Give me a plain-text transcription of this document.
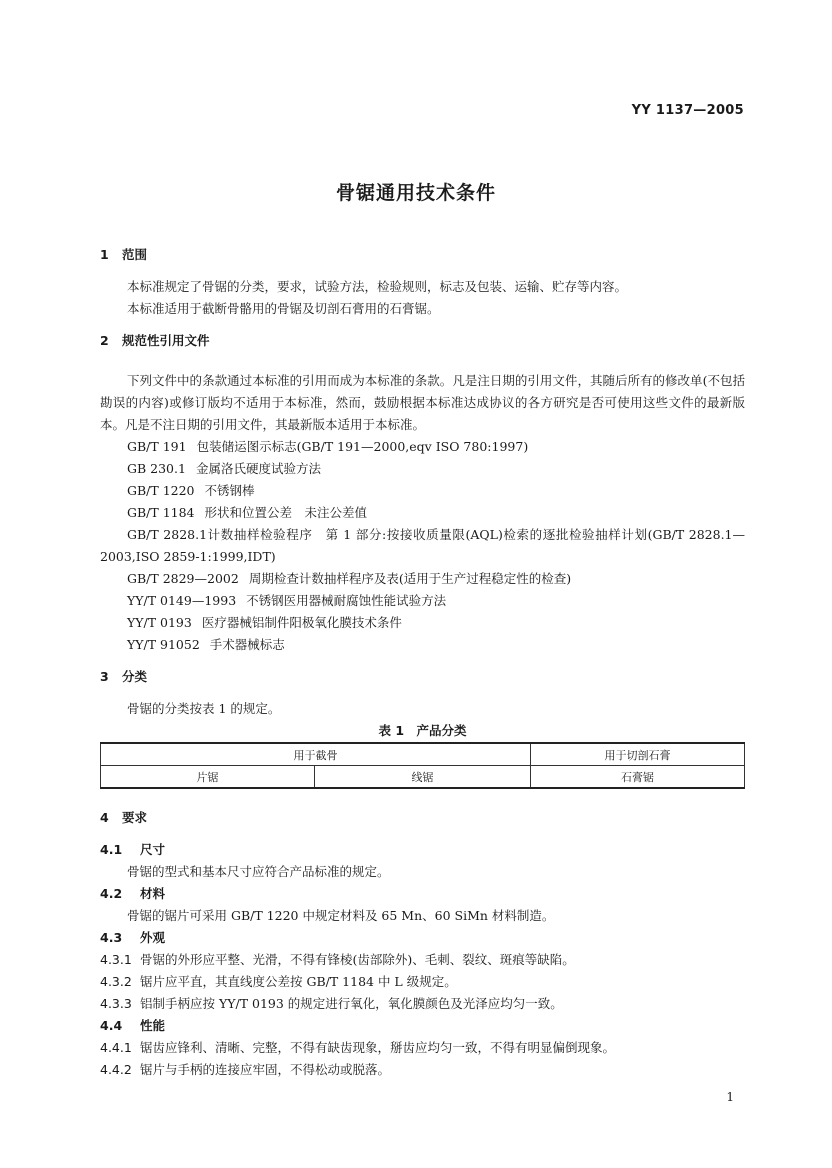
YY 1137—2005
骨锯通用技术条件
1 范围
本标准规定了骨锯的分类，要求，试验方法，检验规则，标志及包装、运输、贮存等内容。
本标准适用于截断骨骼用的骨锯及切剖石膏用的石膏锯。
2 规范性引用文件
下列文件中的条款通过本标准的引用而成为本标准的条款。凡是注日期的引用文件，其随后所有的修改单(不包括勘误的内容)或修订版均不适用于本标准，然而，鼓励根据本标准达成协议的各方研究是否可使用这些文件的最新版本。凡是不注日期的引用文件，其最新版本适用于本标准。
GB/T 191 包装储运图示标志(GB/T 191—2000,eqv ISO 780:1997)
GB 230.1 金属洛氏硬度试验方法
GB/T 1220 不锈钢棒
GB/T 1184 形状和位置公差　未注公差值
GB/T 2828.1计数抽样检验程序　第 1 部分:按接收质量限(AQL)检索的逐批检验抽样计划(GB/T 2828.1—2003,ISO 2859-1:1999,IDT)
GB/T 2829—2002 周期检查计数抽样程序及表(适用于生产过程稳定性的检查)
YY/T 0149—1993 不锈钢医用器械耐腐蚀性能试验方法
YY/T 0193 医疗器械铝制件阳极氧化膜技术条件
YY/T 91052 手术器械标志
3 分类
骨锯的分类按表 1 的规定。
表 1　产品分类
用于截骨		用于切剖石膏
片锯	线锯	石膏锯
4 要求
4.1 尺寸
骨锯的型式和基本尺寸应符合产品标准的规定。
4.2 材料
骨锯的锯片可采用 GB/T 1220 中规定材料及 65 Mn、60 SiMn 材料制造。
4.3 外观
4.3.1 骨锯的外形应平整、光滑，不得有锋棱(齿部除外)、毛刺、裂纹、斑痕等缺陷。
4.3.2 锯片应平直，其直线度公差按 GB/T 1184 中 L 级规定。
4.3.3 铝制手柄应按 YY/T 0193 的规定进行氧化，氧化膜颜色及光泽应均匀一致。
4.4 性能
4.4.1 锯齿应锋利、清晰、完整，不得有缺齿现象，掰齿应均匀一致，不得有明显偏倒现象。
4.4.2 锯片与手柄的连接应牢固，不得松动或脱落。
1
